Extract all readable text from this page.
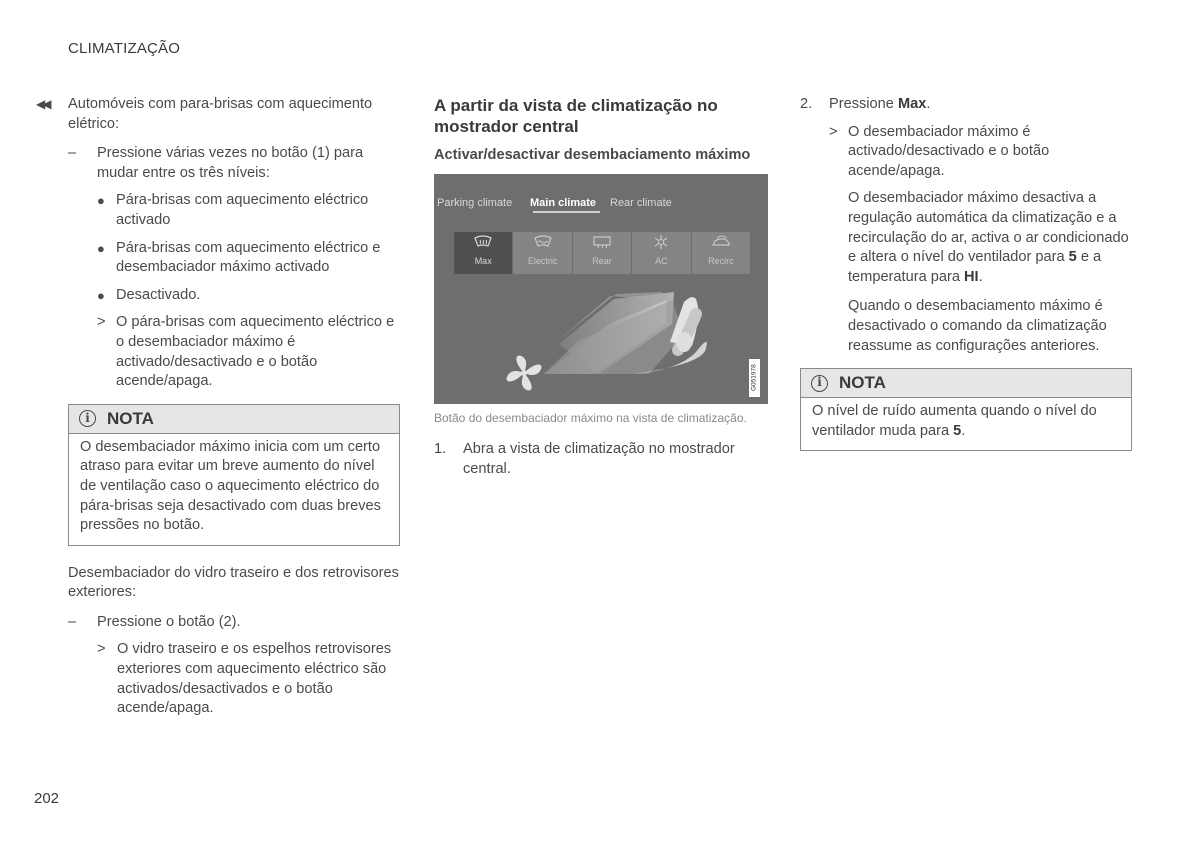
CLIMATIZAÇÃO
◀◀ Automóveis com para-brisas com aquecimento elétrico:

– Pressione várias vezes no botão (1) para mudar entre os três níveis:
● Pára-brisas com aquecimento eléctrico activado
● Pára-brisas com aquecimento eléctrico e desembaciador máximo activado
● Desactivado.
> O pára-brisas com aquecimento eléctrico e o desembaciador máximo é activado/desactivado e o botão acende/apaga.
i	NOTA
O desembaciador máximo inicia com um certo atraso para evitar um breve aumento do nível de ventilação caso o aquecimento eléctrico do pára-brisas seja desactivado com duas breves pressões no botão.

Desembaciador do vidro traseiro e dos retrovisores exteriores:

– Pressione o botão (2).
> O vidro traseiro e os espelhos retrovisores exteriores com aquecimento eléctrico são activados/desactivados e o botão acende/apaga.
A partir da vista de climatização no mostrador central
Activar/desactivar desembaciamento máximo
Parking climate Main climate Rear climate
Max	Electric	Rear	AC	Recirc
G051978
Botão do desembaciador máximo na vista de climatização.
1. Abra a vista de climatização no mostrador central.
2. Pressione Max.
> O desembaciador máximo é activado/desactivado e o botão acende/apaga.

O desembaciador máximo desactiva a regulação automática da climatização e a recirculação do ar, activa o ar condicionado e altera o nível do ventilador para 5 e a temperatura para HI.

Quando o desembaciamento máximo é desactivado o comando da climatização reassume as configurações anteriores.

i	NOTA
O nível de ruído aumenta quando o nível do ventilador muda para 5.
202
